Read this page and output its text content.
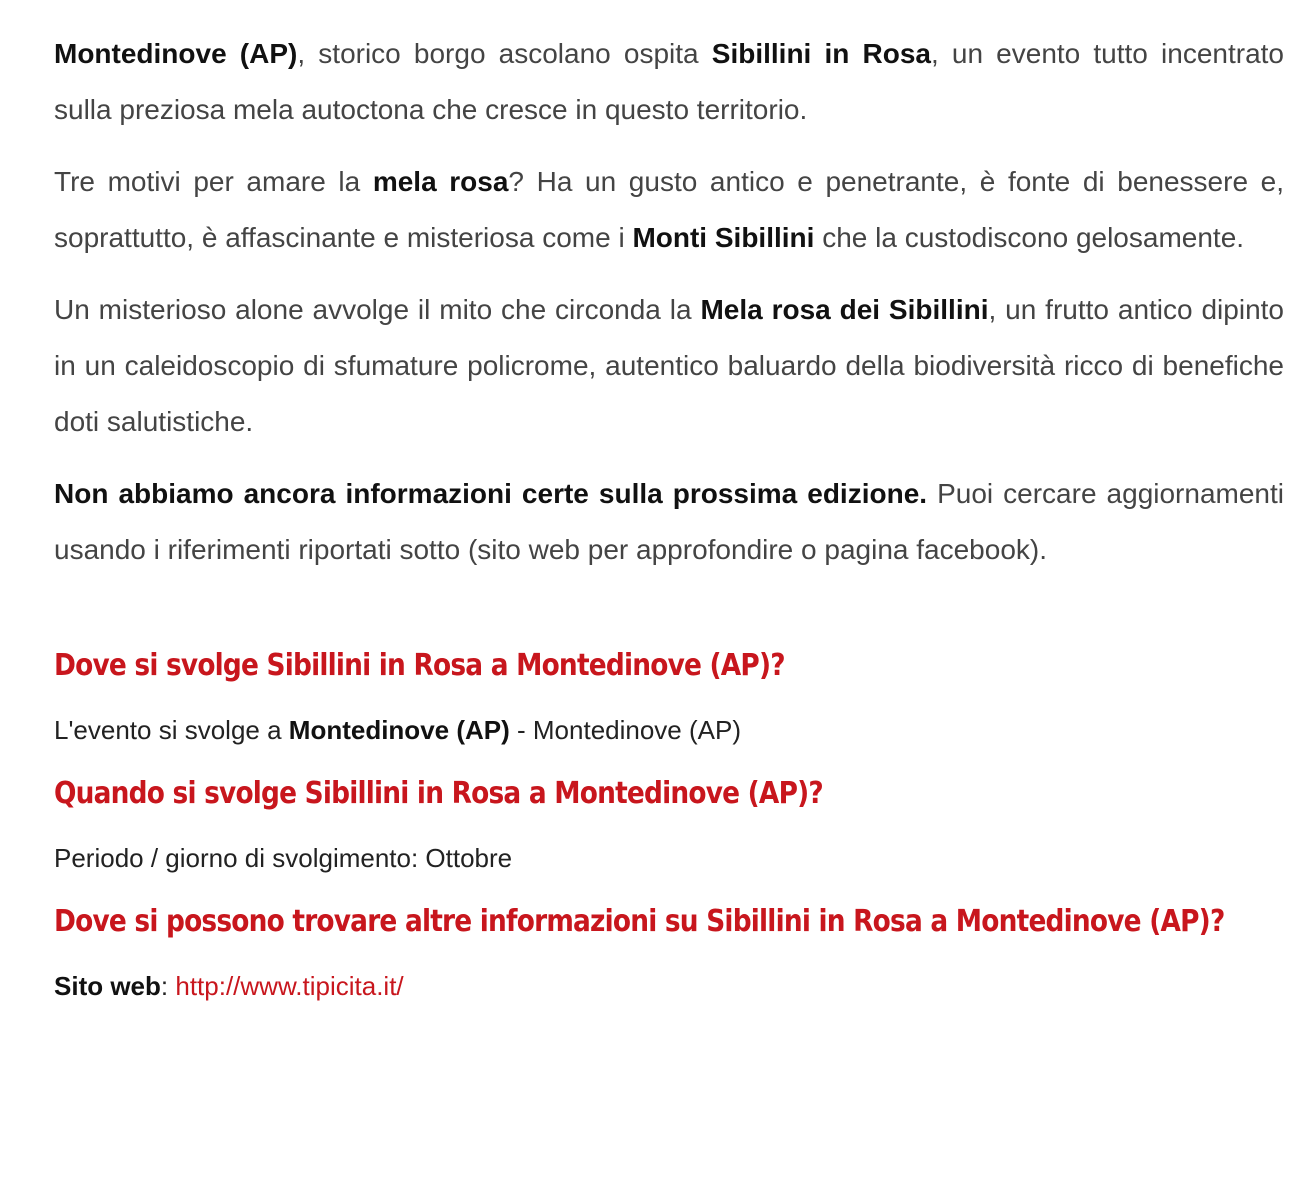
Montedinove (AP), storico borgo ascolano ospita Sibillini in Rosa, un evento tutto incentrato sulla preziosa mela autoctona che cresce in questo territorio.

Tre motivi per amare la mela rosa? Ha un gusto antico e penetrante, è fonte di benessere e, soprattutto, è affascinante e misteriosa come i Monti Sibillini che la custodiscono gelosamente.

Un misterioso alone avvolge il mito che circonda la Mela rosa dei Sibillini, un frutto antico dipinto in un caleidoscopio di sfumature policrome, autentico baluardo della biodiversità ricco di benefiche doti salutistiche.

Non abbiamo ancora informazioni certe sulla prossima edizione. Puoi cercare aggiornamenti usando i riferimenti riportati sotto (sito web per approfondire o pagina facebook).

Dove si svolge Sibillini in Rosa a Montedinove (AP)?
L'evento si svolge a Montedinove (AP) - Montedinove (AP)
Quando si svolge Sibillini in Rosa a Montedinove (AP)?
Periodo / giorno di svolgimento: Ottobre
Dove si possono trovare altre informazioni su Sibillini in Rosa a Montedinove (AP)?
Sito web: http://www.tipicita.it/
